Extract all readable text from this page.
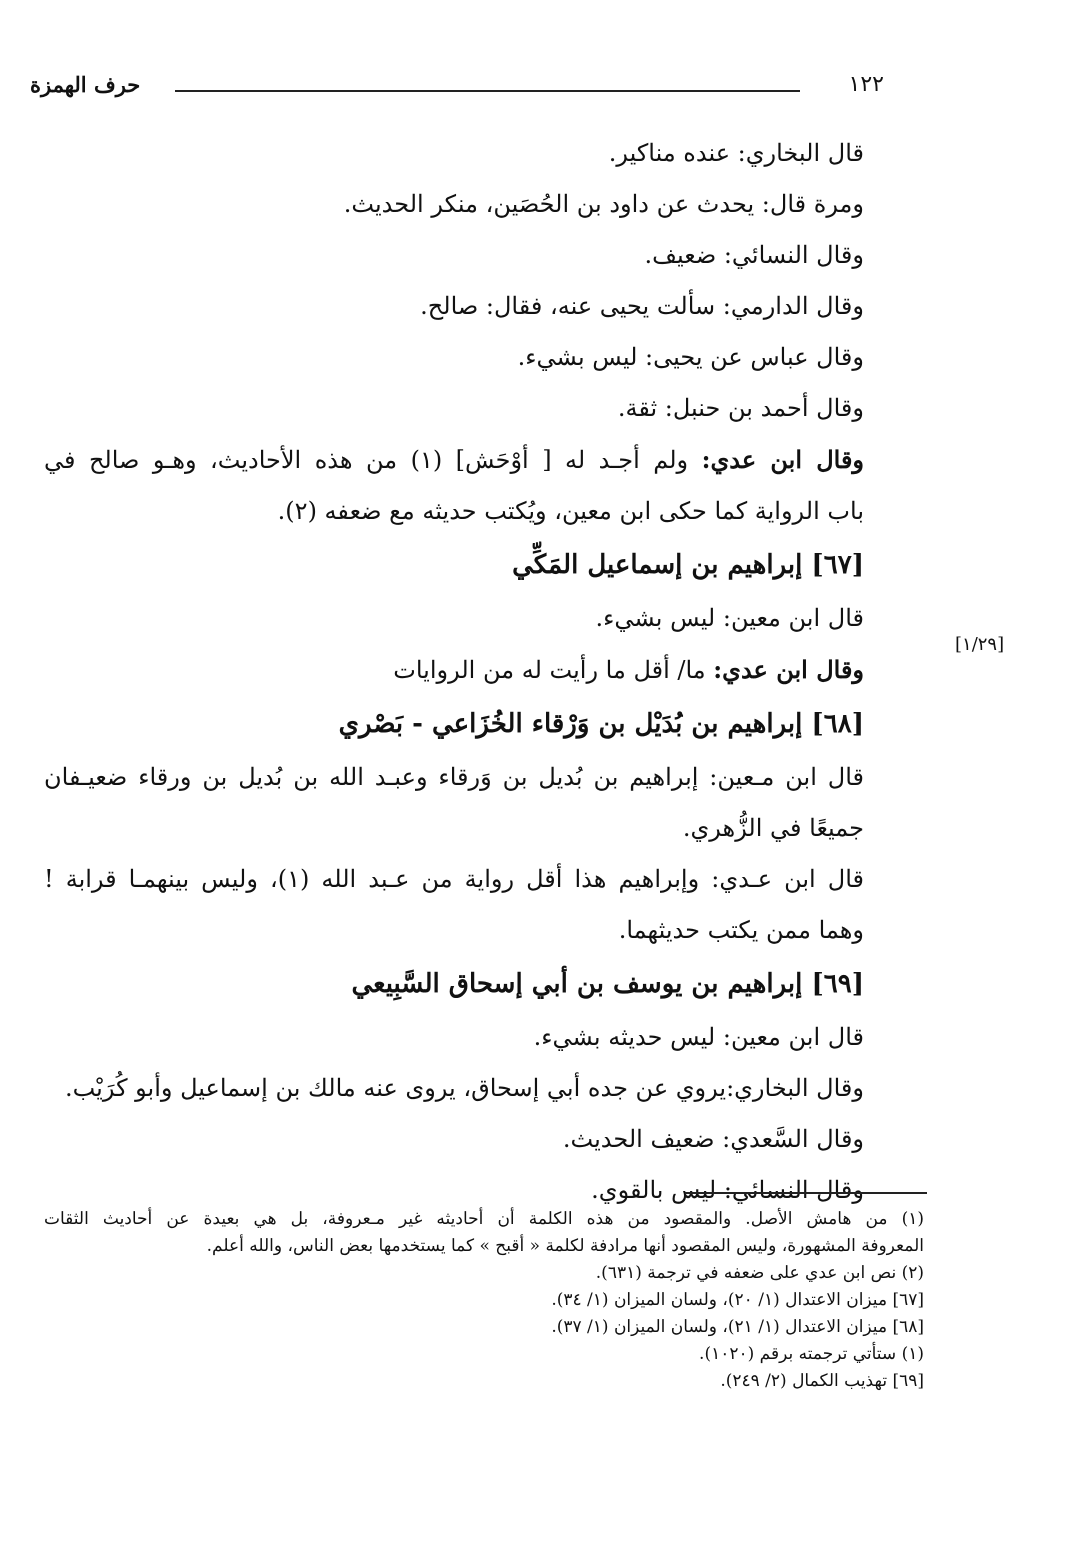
حرف الهمزة	١٢٢
قال البخاري: عنده مناكير.
ومرة قال: يحدث عن داود بن الحُصَين، منكر الحديث.
وقال النسائي: ضعيف.
وقال الدارمي: سألت يحيى عنه، فقال: صالح.
وقال عباس عن يحيى: ليس بشيء.
وقال أحمد بن حنبل: ثقة.
وقال ابن عدي: ولم أجـد له [ أوْحَش] (١) من هذه الأحاديث، وهـو صالح في
باب الرواية كما حكى ابن معين، ويُكتب حديثه مع ضعفه (٢).
[٦٧] إبراهيم بن إسماعيل المَكِّي
قال ابن معين: ليس بشيء.
وقال ابن عدي: ما/ أقل ما رأيت له من الروايات
[٦٨] إبراهيم بن بُدَيْل بن وَرْقاء الخُزَاعي - بَصْري
قال ابن مـعين: إبراهيم بن بُديل بن وَرقاء وعبـد الله بن بُديل بن ورقاء ضعيـفان
جميعًا في الزُّهري.
قال ابن عـدي: وإبراهيم هذا أقل رواية من عـبد الله (١)، وليس بينهمـا قرابة !
وهما ممن يكتب حديثهما.
[٦٩] إبراهيم بن يوسف بن أبي إسحاق السَّبِيعي
قال ابن معين: ليس حديثه بشيء.
وقال البخاري:يروي عن جده أبي إسحاق، يروى عنه مالك بن إسماعيل وأبو كُرَيْب.
وقال السَّعدي: ضعيف الحديث.
وقال النسائي: ليس بالقوي.
[١/٢٩]
(١) من هامش الأصل. والمقصود من هذه الكلمة أن أحاديثه غير مـعروفة، بل هي بعيدة عن أحاديث الثقات
المعروفة المشهورة، وليس المقصود أنها مرادفة لكلمة « أقبح » كما يستخدمها بعض الناس، والله أعلم.
(٢) نص ابن عدي على ضعفه في ترجمة (٦٣١).
[٦٧] ميزان الاعتدال (١/ ٢٠)، ولسان الميزان (١/ ٣٤).
[٦٨] ميزان الاعتدال (١/ ٢١)، ولسان الميزان (١/ ٣٧).
(١) ستأتي ترجمته برقم (١٠٢٠).
[٦٩] تهذيب الكمال (٢/ ٢٤٩).
